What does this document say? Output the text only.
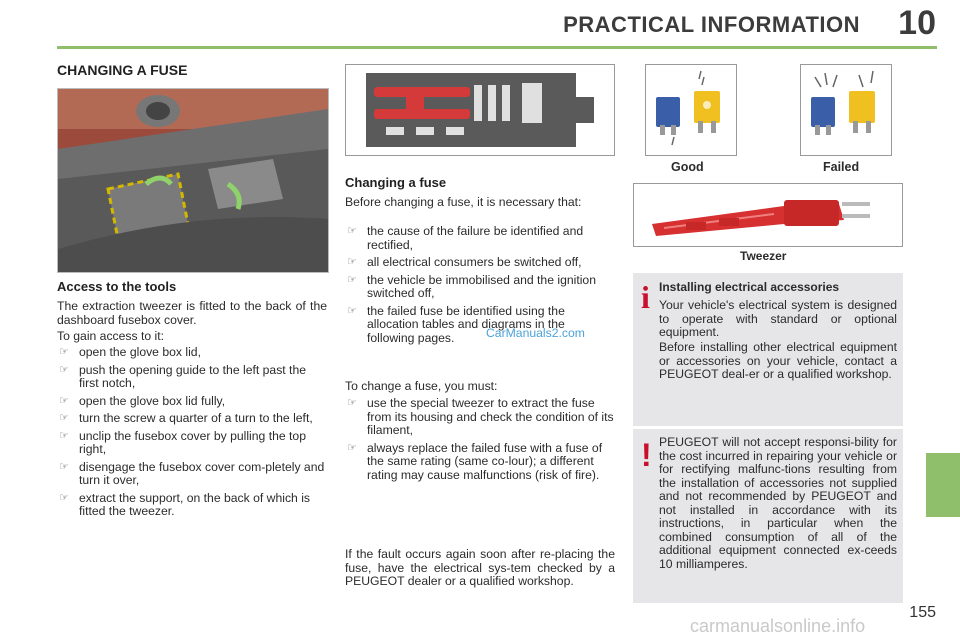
PRACTICAL INFORMATION 10
CHANGING A FUSE
Access to the tools
The extraction tweezer is fitted to the back of the dashboard fusebox cover.
To gain access to it:
☞ open the glove box lid,
☞ push the opening guide to the left past the first notch,
☞ open the glove box lid fully,
☞ turn the screw a quarter of a turn to the left,
☞ unclip the fusebox cover by pulling the top right,
☞ disengage the fusebox cover com-pletely and turn it over,
☞ extract the support, on the back of which is fitted the tweezer.
Changing a fuse
Before changing a fuse, it is necessary that:
☞ the cause of the failure be identified and rectified,
☞ all electrical consumers be switched off,
☞ the vehicle be immobilised and the ignition switched off,
☞ the failed fuse be identified using the allocation tables and diagrams in the following pages.	CarManuals2.com
To change a fuse, you must:
☞ use the special tweezer to extract the fuse from its housing and check the condition of its filament,
☞ always replace the failed fuse with a fuse of the same rating (same co-lour); a different rating may cause malfunctions (risk of fire).
If the fault occurs again soon after re-placing the fuse, have the electrical sys-tem checked by a PEUGEOT dealer or a qualified workshop.
Good	Failed
Tweezer
i Installing electrical accessories
Your vehicle's electrical system is designed to operate with standard or optional equipment.
Before installing other electrical equipment or accessories on your vehicle, contact a PEUGEOT deal-er or a qualified workshop.
! PEUGEOT will not accept responsi-bility for the cost incurred in repairing your vehicle or for rectifying malfunc-tions resulting from the installation of accessories not supplied and not recommended by PEUGEOT and not installed in accordance with its instructions, in particular when the combined consumption of all of the additional equipment connected ex-ceeds 10 milliamperes.
155
carmanualsonline.info
